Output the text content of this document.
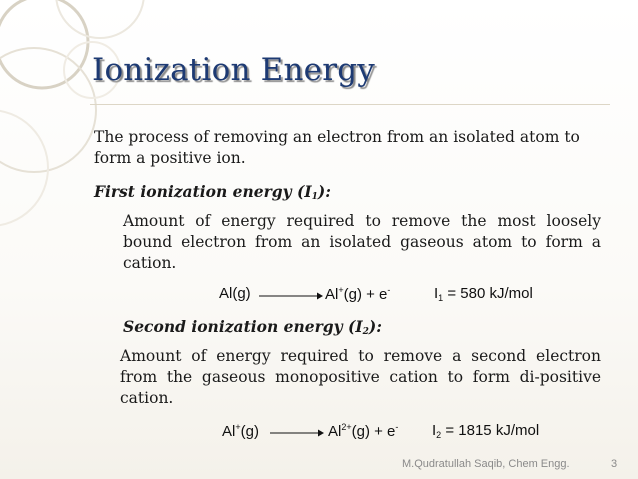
Ionization Energy

The process of removing an electron from an isolated atom to form a positive ion.

First ionization energy $(I_1)$:

Amount of energy required to remove the most loosely bound electron from an isolated gaseous atom to form a cation.

Al(g)	Al+(g) + e-	$I_1 = 580$ kJ/mol

Second ionization energy $(I_2)$:

Amount of energy required to remove a second electron from the gaseous monopositive cation to form di-positive cation.

Al+(g)	$Al^{2+}(g) + e^-$ $I_2 = 1815$ kJ/mol
M.Qudratullah Saqib, Chem Engg.	3
